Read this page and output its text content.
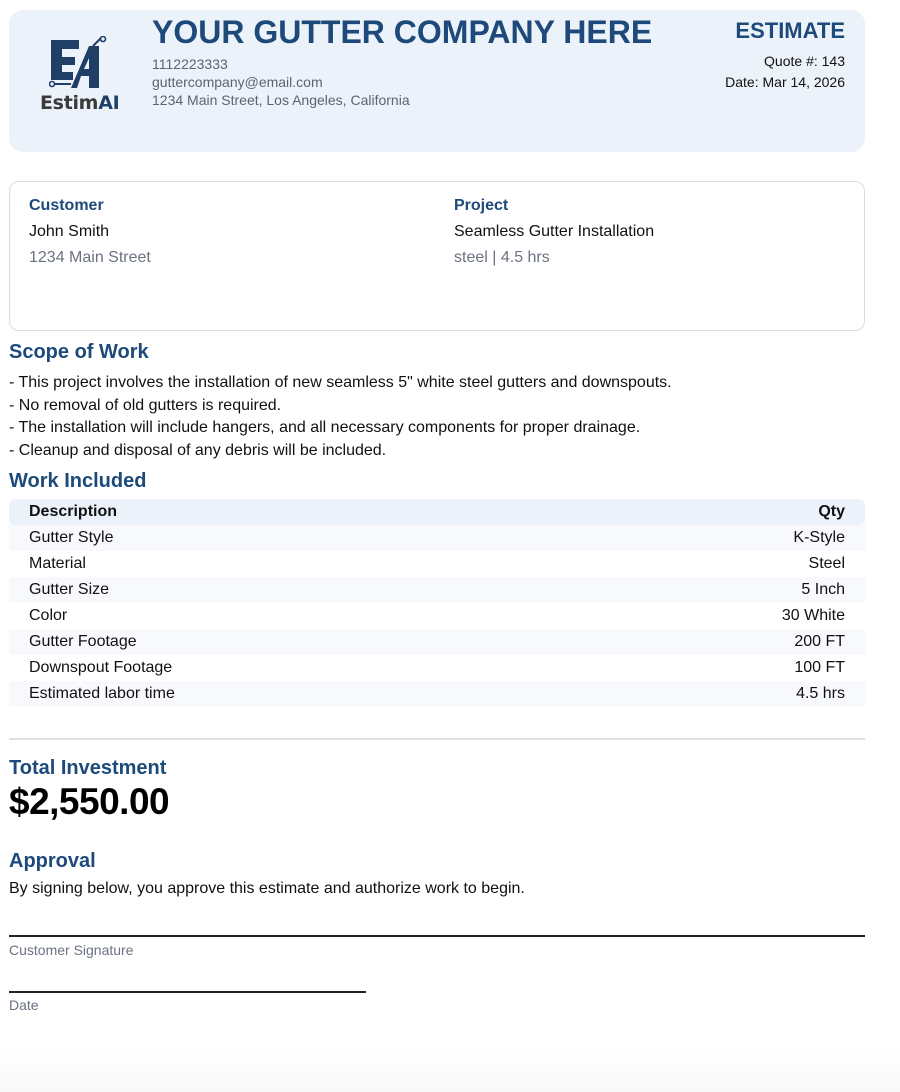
EstimAI
YOUR GUTTER COMPANY HERE
1112223333
guttercompany@email.com
1234 Main Street, Los Angeles, California
ESTIMATE
Quote #: 143
Date: Mar 14, 2026
Customer
John Smith
1234 Main Street
Project
Seamless Gutter Installation
steel | 4.5 hrs
Scope of Work
- This project involves the installation of new seamless 5" white steel gutters and downspouts.
- No removal of old gutters is required.
- The installation will include hangers, and all necessary components for proper drainage.
- Cleanup and disposal of any debris will be included.
Work Included
Description	Qty
Gutter Style	K-Style
Material	Steel
Gutter Size	5 Inch
Color	30 White
Gutter Footage	200 FT
Downspout Footage	100 FT
Estimated labor time	4.5 hrs
Total Investment
$2,550.00
Approval
By signing below, you approve this estimate and authorize work to begin.
Customer Signature
Date
